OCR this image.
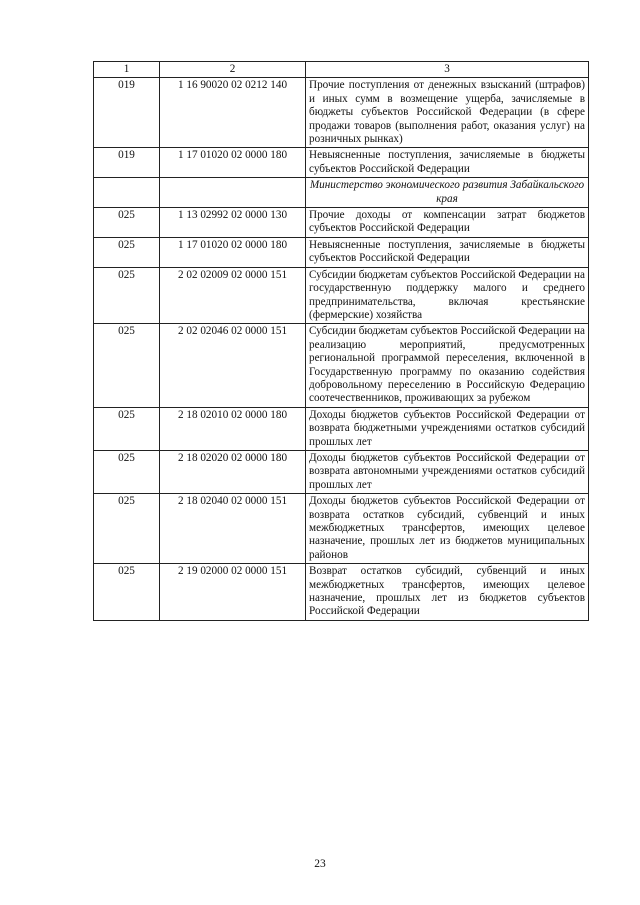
1	2	3
019	1 16 90020 02 0212 140	Прочие поступления от денежных взысканий (штрафов) и иных сумм в возмещение ущерба, зачисляемые в бюджеты субъектов Российской Федерации (в сфере продажи товаров (выполнения работ, оказания услуг) на розничных рынках)
019	1 17 01020 02 0000 180	Невыясненные поступления, зачисляемые в бюджеты субъектов Российской Федерации
		Министерство экономического развития Забайкальского края
025	1 13 02992 02 0000 130	Прочие доходы от компенсации затрат бюджетов субъектов Российской Федерации
025	1 17 01020 02 0000 180	Невыясненные поступления, зачисляемые в бюджеты субъектов Российской Федерации
025	2 02 02009 02 0000 151	Субсидии бюджетам субъектов Российской Федерации на государственную поддержку малого и среднего предпринимательства, включая крестьянские (фермерские) хозяйства
025	2 02 02046 02 0000 151	Субсидии бюджетам субъектов Российской Федерации на реализацию мероприятий, предусмотренных региональной программой переселения, включенной в Государственную программу по оказанию содействия добровольному переселению в Российскую Федерацию соотечественников, проживающих за рубежом
025	2 18 02010 02 0000 180	Доходы бюджетов субъектов Российской Федерации от возврата бюджетными учреждениями остатков субсидий прошлых лет
025	2 18 02020 02 0000 180	Доходы бюджетов субъектов Российской Федерации от возврата автономными учреждениями остатков субсидий прошлых лет
025	2 18 02040 02 0000 151	Доходы бюджетов субъектов Российской Федерации от возврата остатков субсидий, субвенций и иных межбюджетных трансфертов, имеющих целевое назначение, прошлых лет из бюджетов муниципальных районов
025	2 19 02000 02 0000 151	Возврат остатков субсидий, субвенций и иных межбюджетных трансфертов, имеющих целевое назначение, прошлых лет из бюджетов субъектов Российской Федерации
23
